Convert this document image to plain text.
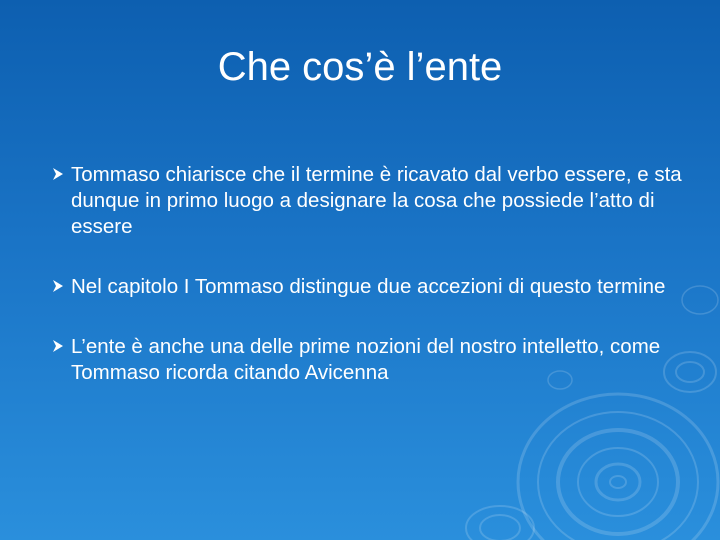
Che cos’è l’ente
Tommaso chiarisce che il termine è ricavato dal verbo essere, e sta dunque in primo luogo a designare la cosa che possiede l’atto di essere
Nel capitolo I Tommaso distingue due accezioni di questo termine
L’ente è anche una delle prime nozioni del nostro intelletto, come Tommaso ricorda citando Avicenna
